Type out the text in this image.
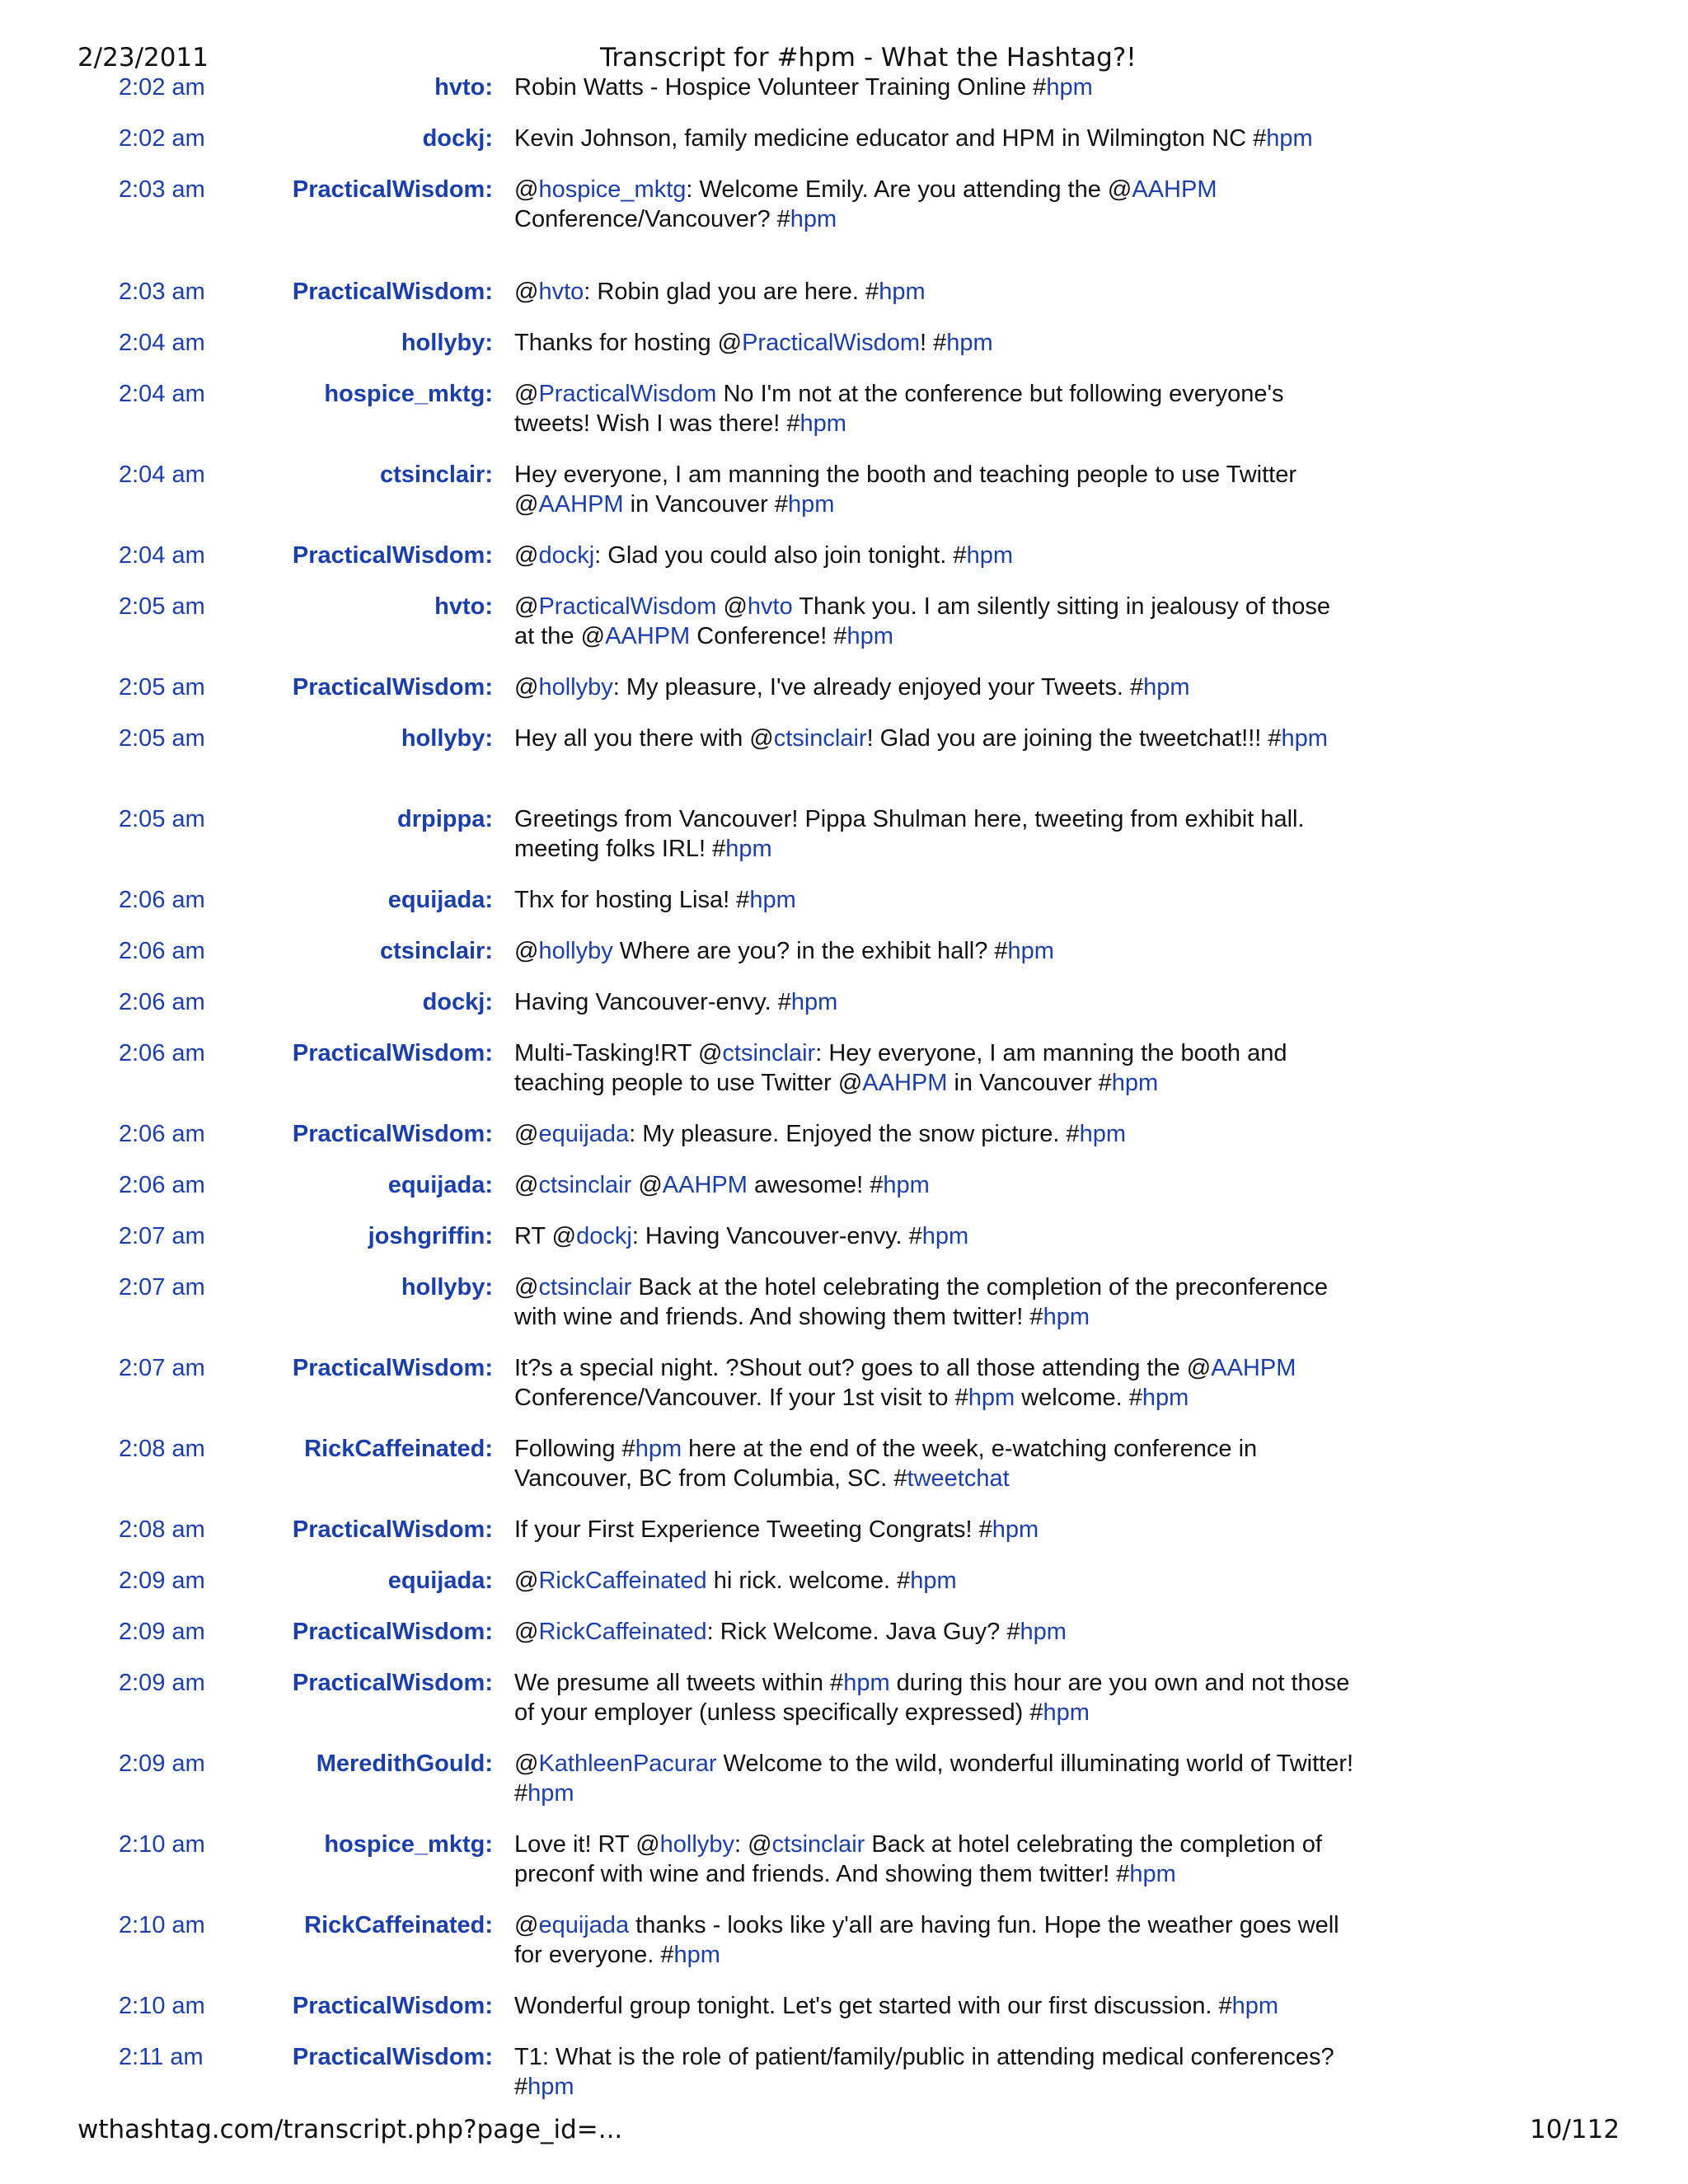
2/23/2011	Transcript for #hpm - What the Hashtag?!
2:02 am	hvto: Robin Watts - Hospice Volunteer Training Online #hpm
2:02 am	dockj: Kevin Johnson, family medicine educator and HPM in Wilmington NC #hpm
2:03 am	PracticalWisdom: @hospice_mktg: Welcome Emily. Are you attending the @AAHPM Conference/Vancouver? #hpm
2:03 am	PracticalWisdom: @hvto: Robin glad you are here. #hpm
2:04 am	hollyby: Thanks for hosting @PracticalWisdom! #hpm
2:04 am	hospice_mktg: @PracticalWisdom No I'm not at the conference but following everyone's tweets! Wish I was there! #hpm
2:04 am	ctsinclair: Hey everyone, I am manning the booth and teaching people to use Twitter @AAHPM in Vancouver #hpm
2:04 am	PracticalWisdom: @dockj: Glad you could also join tonight. #hpm
2:05 am	hvto: @PracticalWisdom @hvto Thank you. I am silently sitting in jealousy of those at the @AAHPM Conference! #hpm
2:05 am	PracticalWisdom: @hollyby: My pleasure, I've already enjoyed your Tweets. #hpm
2:05 am	hollyby: Hey all you there with @ctsinclair! Glad you are joining the tweetchat!!! #hpm
2:05 am	drpippa: Greetings from Vancouver! Pippa Shulman here, tweeting from exhibit hall. meeting folks IRL! #hpm
2:06 am	equijada: Thx for hosting Lisa! #hpm
2:06 am	ctsinclair: @hollyby Where are you? in the exhibit hall? #hpm
2:06 am	dockj: Having Vancouver-envy. #hpm
2:06 am	PracticalWisdom: Multi-Tasking!RT @ctsinclair: Hey everyone, I am manning the booth and teaching people to use Twitter @AAHPM in Vancouver #hpm
2:06 am	PracticalWisdom: @equijada: My pleasure. Enjoyed the snow picture. #hpm
2:06 am	equijada: @ctsinclair @AAHPM awesome! #hpm
2:07 am	joshgriffin: RT @dockj: Having Vancouver-envy. #hpm
2:07 am	hollyby: @ctsinclair Back at the hotel celebrating the completion of the preconference with wine and friends. And showing them twitter! #hpm
2:07 am	PracticalWisdom: It?s a special night. ?Shout out? goes to all those attending the @AAHPM Conference/Vancouver. If your 1st visit to #hpm welcome. #hpm
2:08 am	RickCaffeinated: Following #hpm here at the end of the week, e-watching conference in Vancouver, BC from Columbia, SC. #tweetchat
2:08 am	PracticalWisdom: If your First Experience Tweeting Congrats! #hpm
2:09 am	equijada: @RickCaffeinated hi rick. welcome. #hpm
2:09 am	PracticalWisdom: @RickCaffeinated: Rick Welcome. Java Guy? #hpm
2:09 am	PracticalWisdom: We presume all tweets within #hpm during this hour are you own and not those of your employer (unless specifically expressed) #hpm
2:09 am	MeredithGould: @KathleenPacurar Welcome to the wild, wonderful illuminating world of Twitter! #hpm
2:10 am	hospice_mktg: Love it! RT @hollyby: @ctsinclair Back at hotel celebrating the completion of preconf with wine and friends. And showing them twitter! #hpm
2:10 am	RickCaffeinated: @equijada thanks - looks like y'all are having fun. Hope the weather goes well for everyone. #hpm
2:10 am	PracticalWisdom: Wonderful group tonight. Let's get started with our first discussion. #hpm
2:11 am	PracticalWisdom: T1: What is the role of patient/family/public in attending medical conferences? #hpm
wthashtag.com/transcript.php?page_id=...	10/112
